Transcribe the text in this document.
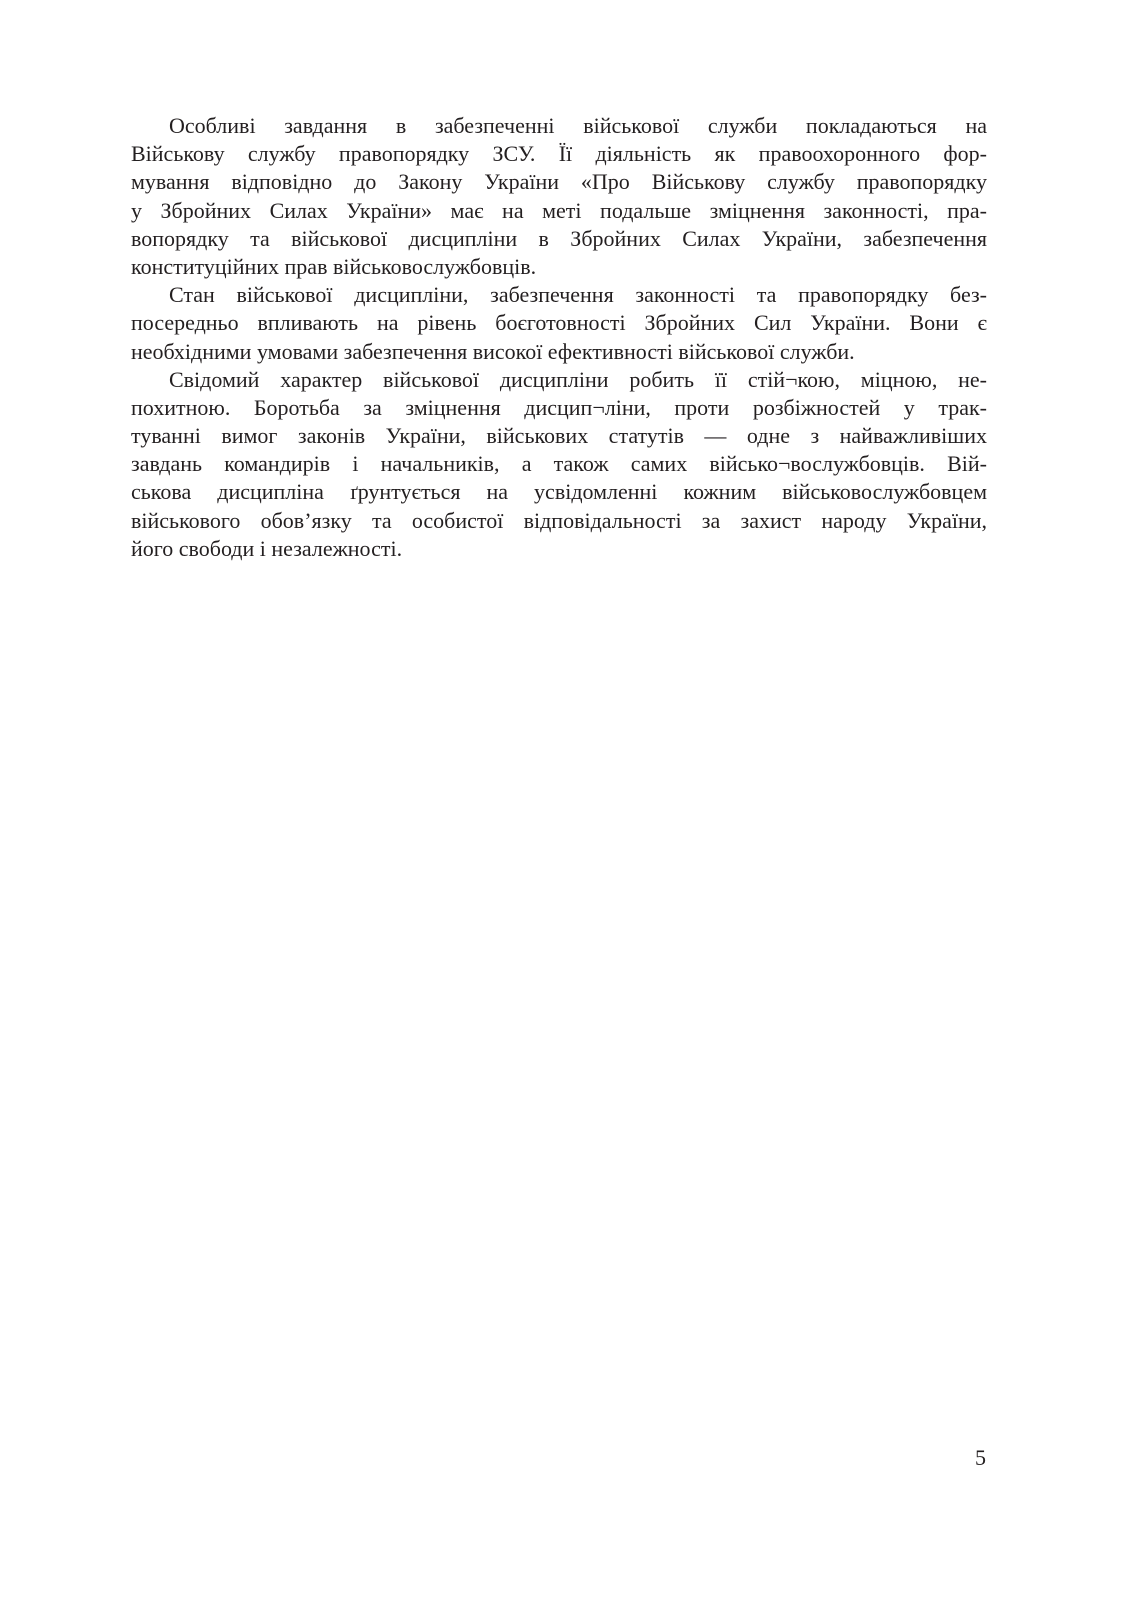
Особливі завдання в забезпеченні військової служби покладаються на
Військову службу правопорядку ЗСУ. Її діяльність як правоохоронного фор-
мування відповідно до Закону України «Про Військову службу правопорядку
у Збройних Силах України» має на меті подальше зміцнення законності, пра-
вопорядку та військової дисципліни в Збройних Силах України, забезпечення
конституційних прав військовослужбовців.
Стан військової дисципліни, забезпечення законності та правопорядку без-
посередньо впливають на рівень боєготовності Збройних Сил України. Вони є
необхідними умовами забезпечення високої ефективності військової служби.
Свідомий характер військової дисципліни робить її стій¬кою, міцною, не-
похитною. Боротьба за зміцнення дисцип¬ліни, проти розбіжностей у трак-
туванні вимог законів України, військових статутів — одне з найважливіших
завдань командирів і начальників, а також самих військо¬вослужбовців. Вій-
ськова дисципліна ґрунтується на усвідомленні кожним військовослужбовцем
військового обов’язку та особистої відповідальності за захист народу України,
його свободи і незалежності.
5
